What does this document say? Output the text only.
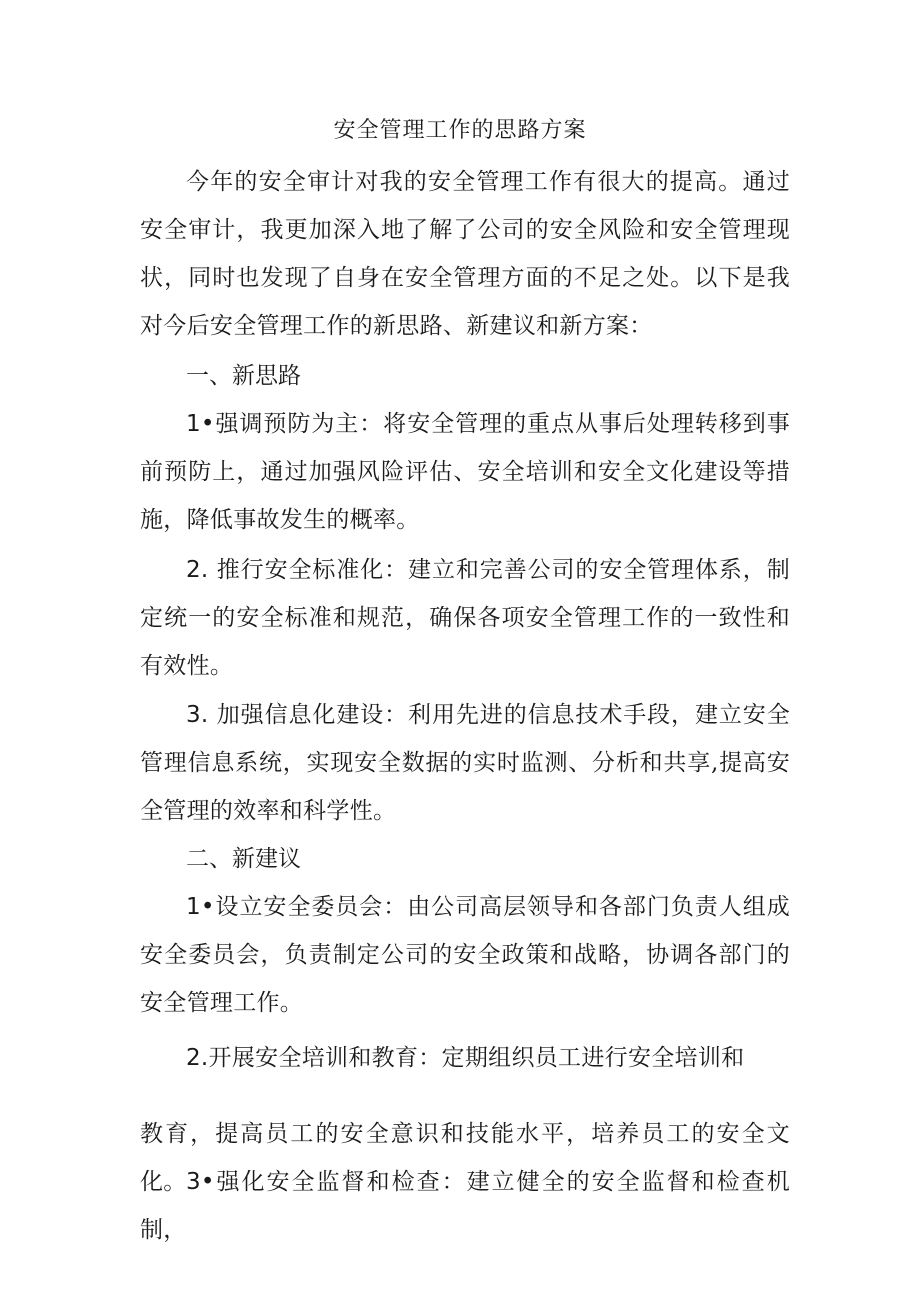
安全管理工作的思路方案

今年的安全审计对我的安全管理工作有很大的提高。通过安全审计，我更加深入地了解了公司的安全风险和安全管理现状，同时也发现了自身在安全管理方面的不足之处。以下是我对今后安全管理工作的新思路、新建议和新方案：

一、新思路

1•强调预防为主：将安全管理的重点从事后处理转移到事前预防上，通过加强风险评估、安全培训和安全文化建设等措施，降低事故发生的概率。

2. 推行安全标准化：建立和完善公司的安全管理体系，制定统一的安全标准和规范，确保各项安全管理工作的一致性和有效性。

3. 加强信息化建设：利用先进的信息技术手段，建立安全管理信息系统，实现安全数据的实时监测、分析和共享,提高安全管理的效率和科学性。

二、新建议

1•设立安全委员会：由公司高层领导和各部门负责人组成安全委员会，负责制定公司的安全政策和战略，协调各部门的安全管理工作。

2.开展安全培训和教育：定期组织员工进行安全培训和

教育，提高员工的安全意识和技能水平，培养员工的安全文化。 3•强化安全监督和检查：建立健全的安全监督和检查机制，
